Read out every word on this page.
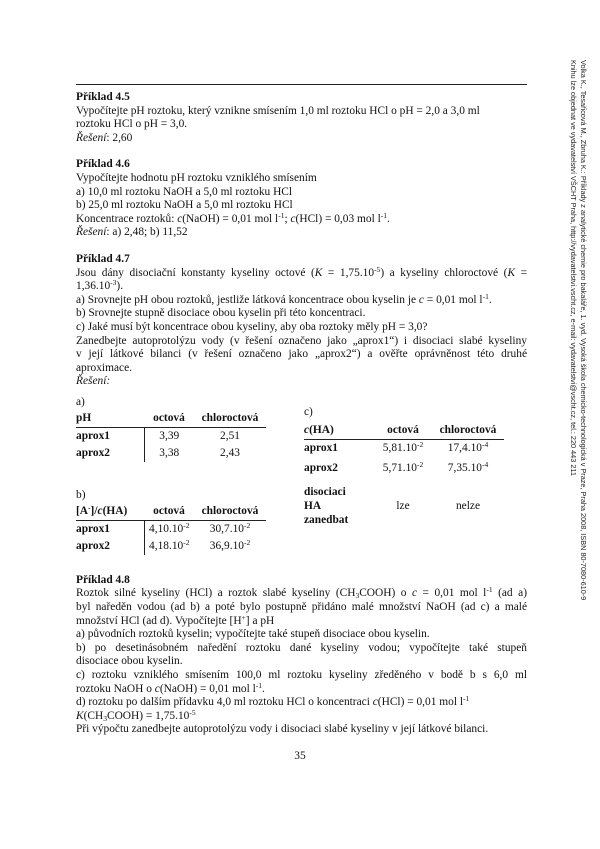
Volka K., Tesařicová M., Zbruha K.: Příklady z analytické chemie pro bakaláře, 1. vyd. Vysoká škola chemicko-technologická v Praze, Praha 2008, ISBN 80-7080-610-9
Knihu lze objednat ve vydavatelství VŠCHT Praha, http://vydavatelstvi.vscht.cz, e-mail: vydavatelstvi@vscht.cz, tel.: 220 443 211

Příklad 4.5

Vypočítejte pH roztoku, který vznikne smísením 1,0 ml roztoku HCl o pH = 2,0 a 3,0 ml

roztoku HCl o pH = 3,0.

Řešení: 2,60

Příklad 4.6

Vypočítejte hodnotu pH roztoku vzniklého smísením

a) 10,0 ml roztoku NaOH a 5,0 ml roztoku HCl

b) 25,0 ml roztoku NaOH a 5,0 ml roztoku HCl

Koncentrace roztoků: c(NaOH) = 0,01 mol $l^{-1}$; c(HCl) = 0,03 mol $l^{-1}$.

Řešení: a) 2,48; b) 11,52

Příklad 4.7

Jsou dány disociační konstanty kyseliny octové $(K = 1,75.10^{-5})$ a kyseliny chloroctové (K =

$1,36.10^{-3}$).

a) Srovnejte pH obou roztoků, jestliže látková koncentrace obou kyselin je c = 0,01 mol $l^{-1}$.

b) Srovnejte stupně disociace obou kyselin při této koncentraci.

c) Jaké musí být koncentrace obou kyseliny, aby oba roztoky měly pH = 3,0?

Zanedbejte autoprotolýzu vody (v řešení označeno jako „aprox1“) i disociaci slabé kyseliny

v její látkové bilanci (v řešení označeno jako „aprox2“) a ověřte oprávněnost této druhé

aproximace.

Řešení:

a)
pH	octová	chloroctová
aprox1	3,39	2,51
aprox2	3,38	2,43
b)
[A-]/c(HA)	octová	chloroctová
aprox1	$4,10.10^{-2}$	$30,7.10^{-2}$
aprox2	$4,18.10^{-2}$	$36,9.10^{-2}$
c)
c(HA)	octová	chloroctová
aprox1	$5,81.10^{-2}$	$17,4.10^{-4}$
aprox2	$5,71.10^{-2}$	$7,35.10^{-4}$

disociaci
HA
zanedbat	lze	nelze

Příklad 4.8

Roztok silné kyseliny (HCl) a roztok slabé kyseliny $(CH_3COOH)$ o c = 0,01 mol $l^{-1}$ (ad a)

byl naředěn vodou (ad b) a poté bylo postupně přidáno malé množství NaOH (ad c) a malé

množství HCl (ad d). Vypočítejte [H+] a pH

a) původních roztoků kyselin; vypočítejte také stupeň disociace obou kyselin.

b) po desetinásobném naředění roztoku dané kyseliny vodou; vypočítejte také stupeň

disociace obou kyselin.

c) roztoku vzniklého smísením 100,0 ml roztoku kyseliny zředěného v bodě b s 6,0 ml

roztoku NaOH o c(NaOH) = 0,01 mol $l^{-1}$.

d) roztoku po dalším přídavku 4,0 ml roztoku HCl o koncentraci c(HCl) = 0,01 mol $l^{-1}$

$K(CH_3COOH) = 1,75.10^{-5}$

Při výpočtu zanedbejte autoprotolýzu vody i disociaci slabé kyseliny v její látkové bilanci.

35
